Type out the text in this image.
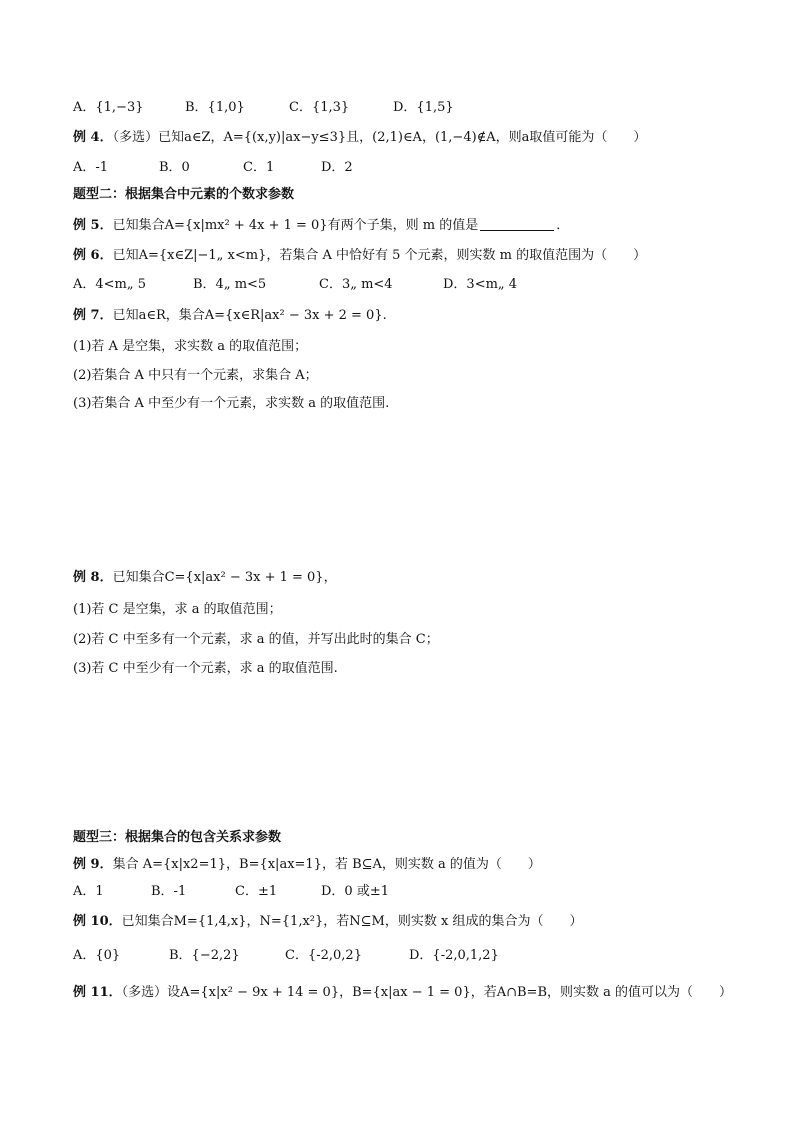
A．{1,−3}	B．{1,0}	C．{1,3}	D．{1,5}
例 4．（多选）已知a∈Z，A={(x,y)|ax−y≤3}且，(2,1)∈A，(1,−4)∉A，则a取值可能为（　　）
A．-1	B．0	C．1	D．2
题型二：根据集合中元素的个数求参数
例 5．已知集合A={x|mx² + 4x + 1 = 0}有两个子集，则 m 的值是	．
例 6．已知A={x∈Z|−1„ x<m}，若集合 A 中恰好有 5 个元素，则实数 m 的取值范围为（　　）
A．4<m„ 5	B．4„ m<5	C．3„ m<4	D．3<m„ 4
例 7．已知a∈R，集合A={x∈R|ax² − 3x + 2 = 0}.
(1)若 A 是空集，求实数 a 的取值范围；
(2)若集合 A 中只有一个元素，求集合 A；
(3)若集合 A 中至少有一个元素，求实数 a 的取值范围.
例 8．已知集合C={x|ax² − 3x + 1 = 0}，
(1)若 C 是空集，求 a 的取值范围；
(2)若 C 中至多有一个元素，求 a 的值，并写出此时的集合 C；
(3)若 C 中至少有一个元素，求 a 的取值范围.
题型三：根据集合的包含关系求参数
例 9．集合 A={x|x2=1}，B={x|ax=1}，若 B⊆A，则实数 a 的值为（　　）
A．1	B．-1	C．±1	D．0 或±1
例 10．已知集合M={1,4,x}，N={1,x²}，若N⊆M，则实数 x 组成的集合为（　　）
A．{0}	B．{−2,2}	C．{-2,0,2}	D．{-2,0,1,2}
例 11．（多选）设A={x|x² − 9x + 14 = 0}，B={x|ax − 1 = 0}，若A∩B=B，则实数 a 的值可以为（　　）
